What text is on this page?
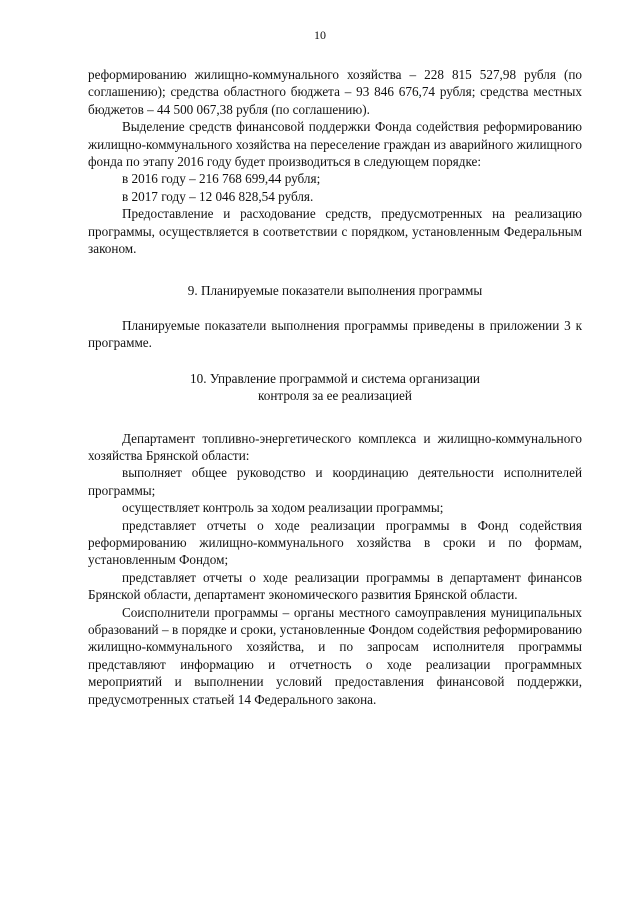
10

реформированию жилищно-коммунального хозяйства – 228 815 527,98 рубля (по соглашению); средства областного бюджета – 93 846 676,74 рубля; средства местных бюджетов – 44 500 067,38 рубля (по соглашению).

Выделение средств финансовой поддержки Фонда содействия реформированию жилищно-коммунального хозяйства на переселение граждан из аварийного жилищного фонда по этапу 2016 году будет производиться в следующем порядке:

в 2016 году – 216 768 699,44 рубля;

в 2017 году – 12 046 828,54 рубля.

Предоставление и расходование средств, предусмотренных на реализацию программы, осуществляется в соответствии с порядком, установленным Федеральным законом.

9. Планируемые показатели выполнения программы

Планируемые показатели выполнения программы приведены в приложении 3 к программе.

10. Управление программой и система организации

контроля за ее реализацией

Департамент топливно-энергетического комплекса и жилищно-коммунального хозяйства Брянской области:

выполняет общее руководство и координацию деятельности исполнителей программы;

осуществляет контроль за ходом реализации программы;

представляет отчеты о ходе реализации программы в Фонд содействия реформированию жилищно-коммунального хозяйства в сроки и по формам, установленным Фондом;

представляет отчеты о ходе реализации программы в департамент финансов Брянской области, департамент экономического развития Брянской области.

Соисполнители программы – органы местного самоуправления муниципальных образований – в порядке и сроки, установленные Фондом содействия реформированию жилищно-коммунального хозяйства, и по запросам исполнителя программы представляют информацию и отчетность о ходе реализации программных мероприятий и выполнении условий предоставления финансовой поддержки, предусмотренных статьей 14 Федерального закона.
